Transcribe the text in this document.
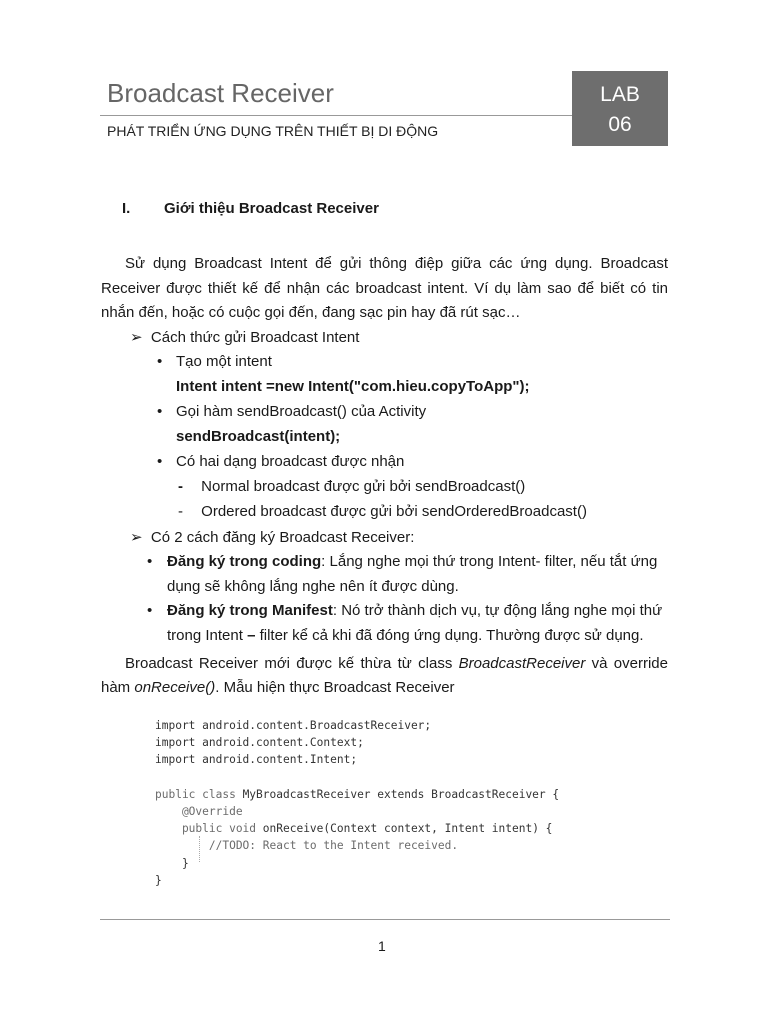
Broadcast Receiver
PHÁT TRIỂN ỨNG DỤNG TRÊN THIẾT BỊ DI ĐỘNG
LAB
06
I. Giới thiệu Broadcast Receiver
Sử dụng Broadcast Intent để gửi thông điệp giữa các ứng dụng. Broadcast Receiver được thiết kế để nhận các broadcast intent. Ví dụ làm sao để biết có tin nhắn đến, hoặc có cuộc gọi đến, đang sạc pin hay đã rút sạc…
➢ Cách thức gửi Broadcast Intent
• Tạo một intent
Intent intent =new Intent("com.hieu.copyToApp");
• Gọi hàm sendBroadcast() của Activity
sendBroadcast(intent);
• Có hai dạng broadcast được nhận
- Normal broadcast được gửi bởi sendBroadcast()
- Ordered broadcast được gửi bởi sendOrderedBroadcast()
➢ Có 2 cách đăng ký Broadcast Receiver:
• Đăng ký trong coding: Lắng nghe mọi thứ trong Intent- filter, nếu tắt ứng
dụng sẽ không lắng nghe nên ít được dùng.
• Đăng ký trong Manifest: Nó trở thành dịch vụ, tự động lắng nghe mọi thứ
trong Intent – filter kể cả khi đã đóng ứng dụng. Thường được sử dụng.
Broadcast Receiver mới được kế thừa từ class BroadcastReceiver và override
hàm onReceive(). Mẫu hiện thực Broadcast Receiver
import android.content.BroadcastReceiver;
import android.content.Context;
import android.content.Intent;

public class MyBroadcastReceiver extends BroadcastReceiver {
@Override
public void onReceive(Context context, Intent intent) {
//TODO: React to the Intent received.
}
}
1
